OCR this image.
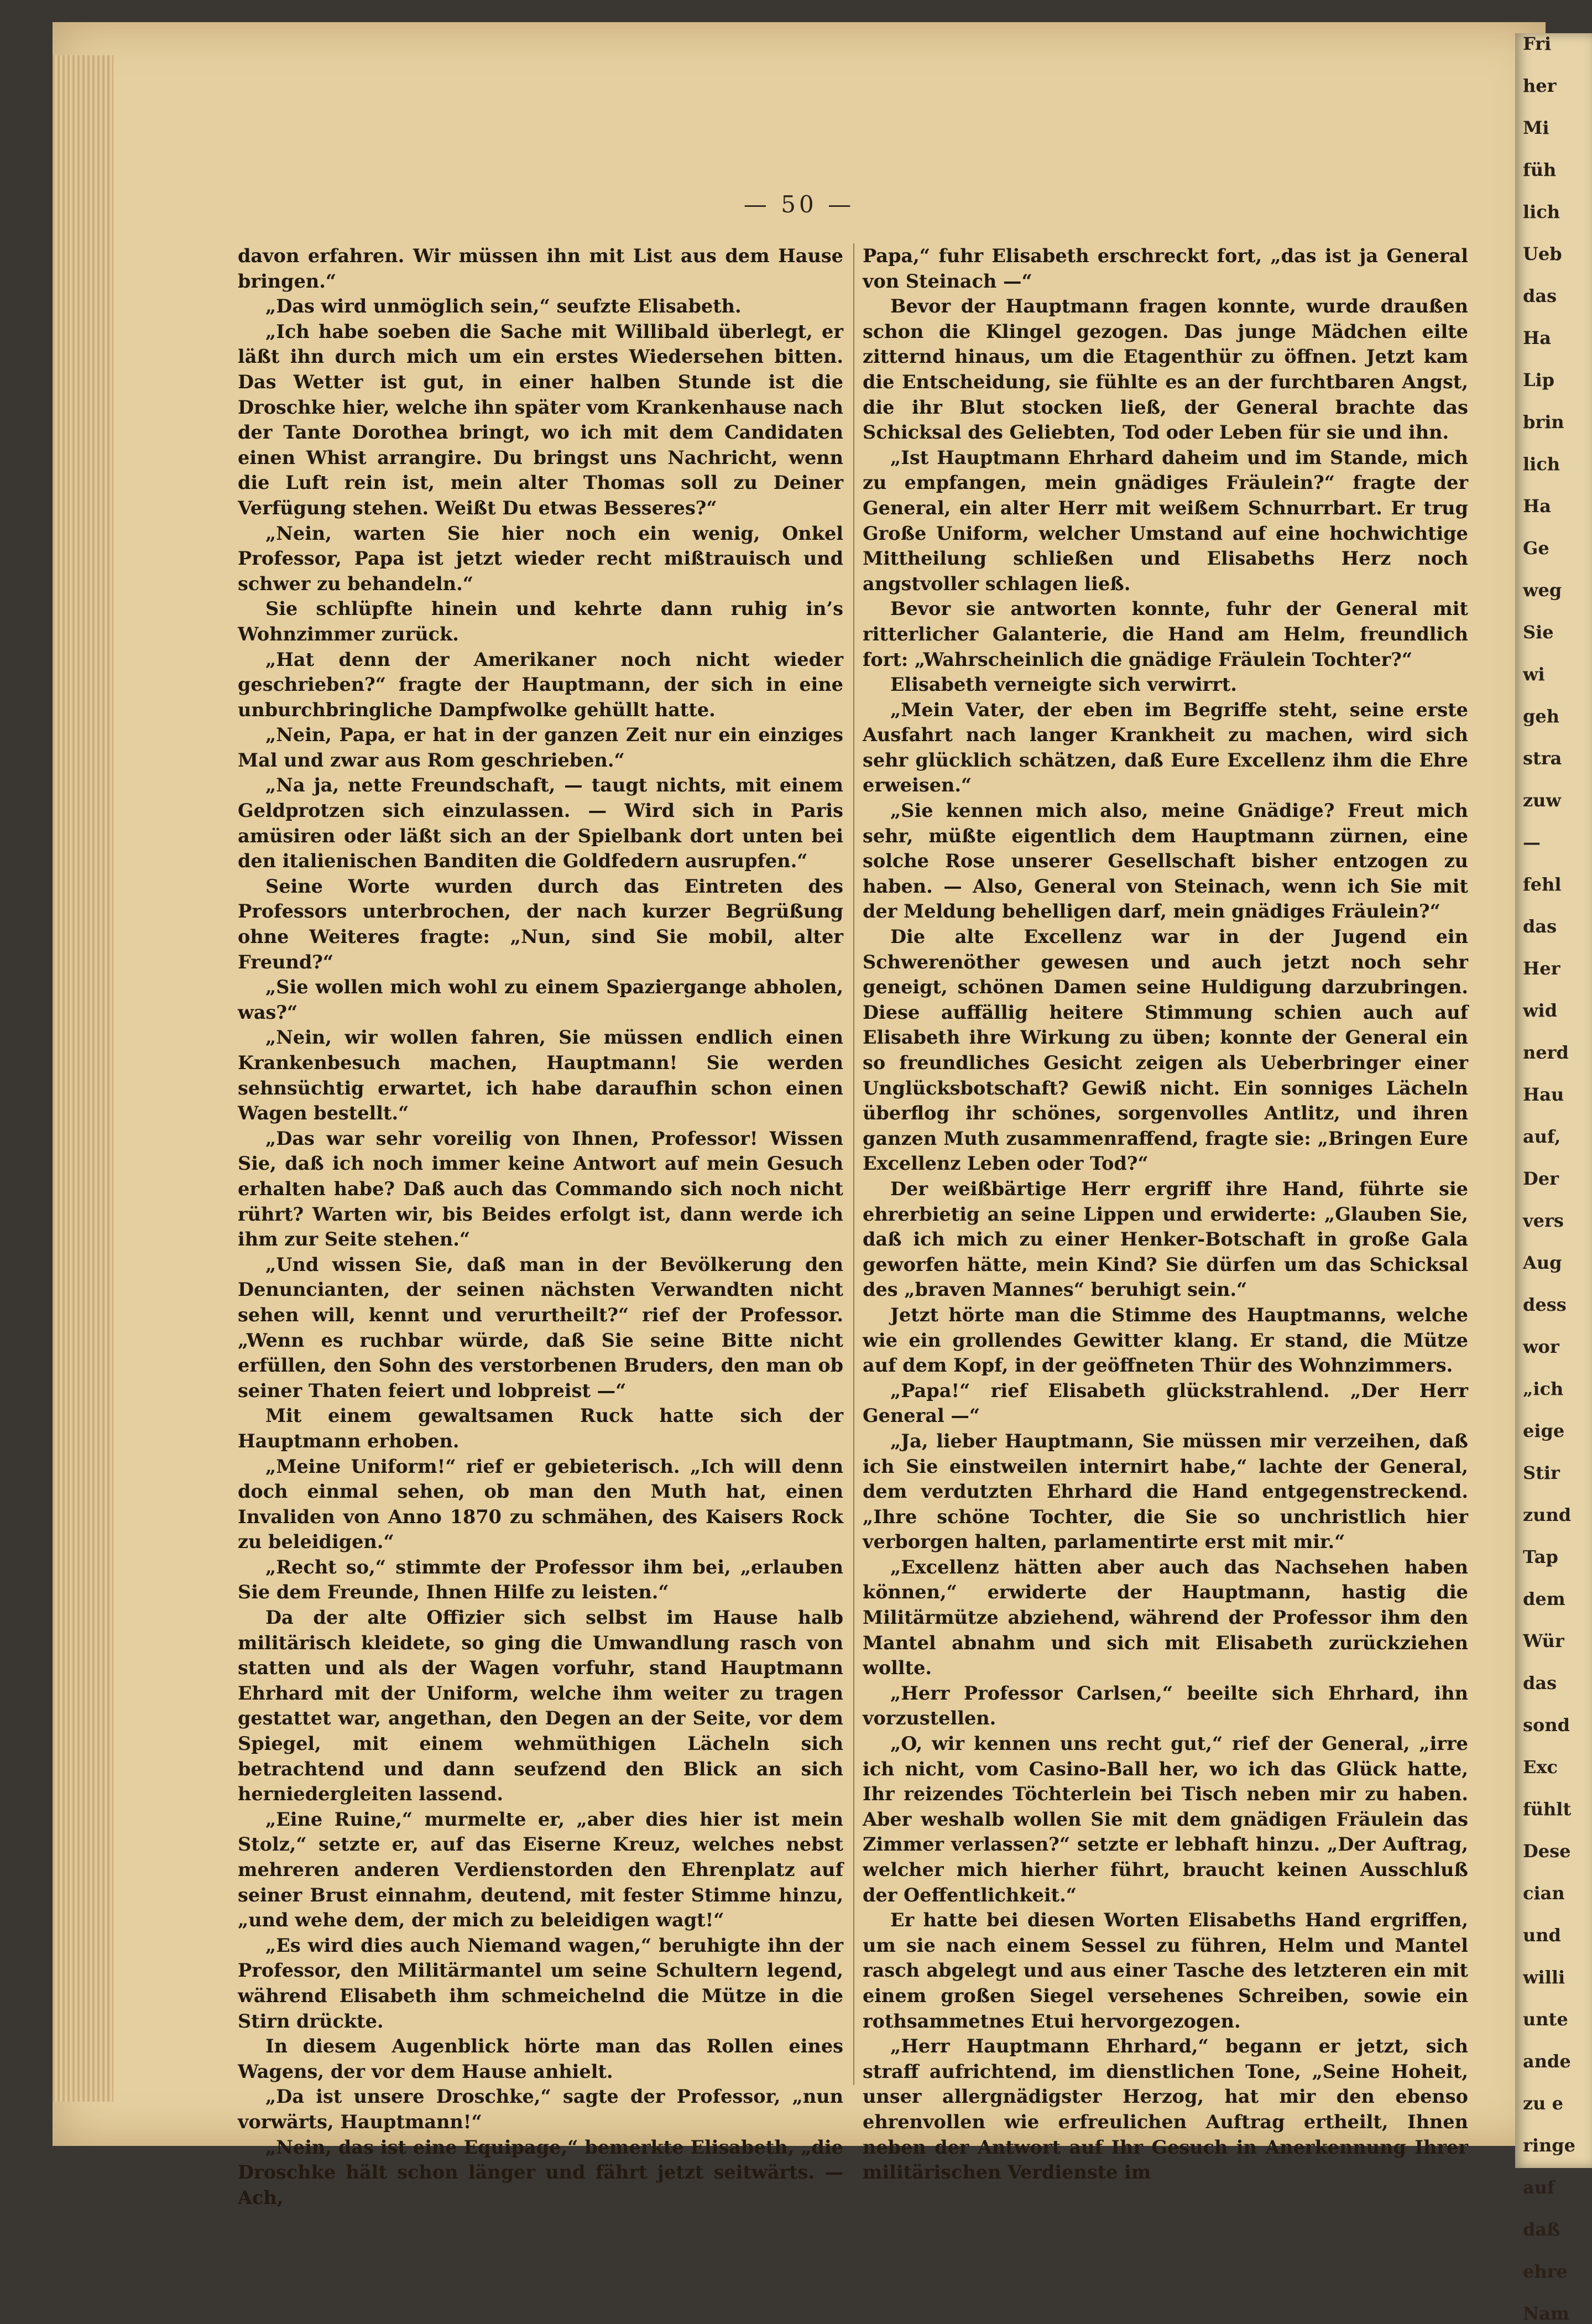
— 50 —

davon erfahren. Wir müssen ihn mit List aus dem Hause bringen.“

„Das wird unmöglich sein,“ seufzte Elisabeth.

„Ich habe soeben die Sache mit Willibald überlegt, er läßt ihn durch mich um ein erstes Wiedersehen bitten. Das Wetter ist gut, in einer halben Stunde ist die Droschke hier, welche ihn später vom Krankenhause nach der Tante Dorothea bringt, wo ich mit dem Candidaten einen Whist arrangire. Du bringst uns Nachricht, wenn die Luft rein ist, mein alter Thomas soll zu Deiner Verfügung stehen. Weißt Du etwas Besseres?“

„Nein, warten Sie hier noch ein wenig, Onkel Professor, Papa ist jetzt wieder recht mißtrauisch und schwer zu behandeln.“

Sie schlüpfte hinein und kehrte dann ruhig in’s Wohnzimmer zurück.

„Hat denn der Amerikaner noch nicht wieder geschrieben?“ fragte der Hauptmann, der sich in eine unburchbringliche Dampfwolke gehüllt hatte.

„Nein, Papa, er hat in der ganzen Zeit nur ein einziges Mal und zwar aus Rom geschrieben.“

„Na ja, nette Freundschaft, — taugt nichts, mit einem Geldprotzen sich einzulassen. — Wird sich in Paris amüsiren oder läßt sich an der Spielbank dort unten bei den italienischen Banditen die Goldfedern ausrupfen.“

Seine Worte wurden durch das Eintreten des Professors unterbrochen, der nach kurzer Begrüßung ohne Weiteres fragte: „Nun, sind Sie mobil, alter Freund?“

„Sie wollen mich wohl zu einem Spaziergange abholen, was?“

„Nein, wir wollen fahren, Sie müssen endlich einen Krankenbesuch machen, Hauptmann! Sie werden sehnsüchtig erwartet, ich habe daraufhin schon einen Wagen bestellt.“

„Das war sehr voreilig von Ihnen, Professor! Wissen Sie, daß ich noch immer keine Antwort auf mein Gesuch erhalten habe? Daß auch das Commando sich noch nicht rührt? Warten wir, bis Beides erfolgt ist, dann werde ich ihm zur Seite stehen.“

„Und wissen Sie, daß man in der Bevölkerung den Denuncianten, der seinen nächsten Verwandten nicht sehen will, kennt und verurtheilt?“ rief der Professor. „Wenn es ruchbar würde, daß Sie seine Bitte nicht erfüllen, den Sohn des verstorbenen Bruders, den man ob seiner Thaten feiert und lobpreist —“

Mit einem gewaltsamen Ruck hatte sich der Hauptmann erhoben.

„Meine Uniform!“ rief er gebieterisch. „Ich will denn doch einmal sehen, ob man den Muth hat, einen Invaliden von Anno 1870 zu schmähen, des Kaisers Rock zu beleidigen.“

„Recht so,“ stimmte der Professor ihm bei, „erlauben Sie dem Freunde, Ihnen Hilfe zu leisten.“

Da der alte Offizier sich selbst im Hause halb militärisch kleidete, so ging die Umwandlung rasch von statten und als der Wagen vorfuhr, stand Hauptmann Ehrhard mit der Uniform, welche ihm weiter zu tragen gestattet war, angethan, den Degen an der Seite, vor dem Spiegel, mit einem wehmüthigen Lächeln sich betrachtend und dann seufzend den Blick an sich herniedergleiten lassend.

„Eine Ruine,“ murmelte er, „aber dies hier ist mein Stolz,“ setzte er, auf das Eiserne Kreuz, welches nebst mehreren anderen Verdienstorden den Ehrenplatz auf seiner Brust einnahm, deutend, mit fester Stimme hinzu, „und wehe dem, der mich zu beleidigen wagt!“

„Es wird dies auch Niemand wagen,“ beruhigte ihn der Professor, den Militärmantel um seine Schultern legend, während Elisabeth ihm schmeichelnd die Mütze in die Stirn drückte.

In diesem Augenblick hörte man das Rollen eines Wagens, der vor dem Hause anhielt.

„Da ist unsere Droschke,“ sagte der Professor, „nun vorwärts, Hauptmann!“

„Nein, das ist eine Equipage,“ bemerkte Elisabeth, „die Droschke hält schon länger und fährt jetzt seitwärts. — Ach,

Papa,“ fuhr Elisabeth erschreckt fort, „das ist ja General von Steinach —“

Bevor der Hauptmann fragen konnte, wurde draußen schon die Klingel gezogen. Das junge Mädchen eilte zitternd hinaus, um die Etagenthür zu öffnen. Jetzt kam die Entscheidung, sie fühlte es an der furchtbaren Angst, die ihr Blut stocken ließ, der General brachte das Schicksal des Geliebten, Tod oder Leben für sie und ihn.

„Ist Hauptmann Ehrhard daheim und im Stande, mich zu empfangen, mein gnädiges Fräulein?“ fragte der General, ein alter Herr mit weißem Schnurrbart. Er trug Große Uniform, welcher Umstand auf eine hochwichtige Mittheilung schließen und Elisabeths Herz noch angstvoller schlagen ließ.

Bevor sie antworten konnte, fuhr der General mit ritterlicher Galanterie, die Hand am Helm, freundlich fort: „Wahrscheinlich die gnädige Fräulein Tochter?“

Elisabeth verneigte sich verwirrt.

„Mein Vater, der eben im Begriffe steht, seine erste Ausfahrt nach langer Krankheit zu machen, wird sich sehr glücklich schätzen, daß Eure Excellenz ihm die Ehre erweisen.“

„Sie kennen mich also, meine Gnädige? Freut mich sehr, müßte eigentlich dem Hauptmann zürnen, eine solche Rose unserer Gesellschaft bisher entzogen zu haben. — Also, General von Steinach, wenn ich Sie mit der Meldung behelligen darf, mein gnädiges Fräulein?“

Die alte Excellenz war in der Jugend ein Schwerenöther gewesen und auch jetzt noch sehr geneigt, schönen Damen seine Huldigung darzubringen. Diese auffällig heitere Stimmung schien auch auf Elisabeth ihre Wirkung zu üben; konnte der General ein so freundliches Gesicht zeigen als Ueberbringer einer Unglücksbotschaft? Gewiß nicht. Ein sonniges Lächeln überflog ihr schönes, sorgenvolles Antlitz, und ihren ganzen Muth zusammenraffend, fragte sie: „Bringen Eure Excellenz Leben oder Tod?“

Der weißbärtige Herr ergriff ihre Hand, führte sie ehrerbietig an seine Lippen und erwiderte: „Glauben Sie, daß ich mich zu einer Henker-Botschaft in große Gala geworfen hätte, mein Kind? Sie dürfen um das Schicksal des „braven Mannes“ beruhigt sein.“

Jetzt hörte man die Stimme des Hauptmanns, welche wie ein grollendes Gewitter klang. Er stand, die Mütze auf dem Kopf, in der geöffneten Thür des Wohnzimmers.

„Papa!“ rief Elisabeth glückstrahlend. „Der Herr General —“

„Ja, lieber Hauptmann, Sie müssen mir verzeihen, daß ich Sie einstweilen internirt habe,“ lachte der General, dem verdutzten Ehrhard die Hand entgegenstreckend. „Ihre schöne Tochter, die Sie so unchristlich hier verborgen halten, parlamentirte erst mit mir.“

„Excellenz hätten aber auch das Nachsehen haben können,“ erwiderte der Hauptmann, hastig die Militärmütze abziehend, während der Professor ihm den Mantel abnahm und sich mit Elisabeth zurückziehen wollte.

„Herr Professor Carlsen,“ beeilte sich Ehrhard, ihn vorzustellen.

„O, wir kennen uns recht gut,“ rief der General, „irre ich nicht, vom Casino-Ball her, wo ich das Glück hatte, Ihr reizendes Töchterlein bei Tisch neben mir zu haben. Aber weshalb wollen Sie mit dem gnädigen Fräulein das Zimmer verlassen?“ setzte er lebhaft hinzu. „Der Auftrag, welcher mich hierher führt, braucht keinen Ausschluß der Oeffentlichkeit.“

Er hatte bei diesen Worten Elisabeths Hand ergriffen, um sie nach einem Sessel zu führen, Helm und Mantel rasch abgelegt und aus einer Tasche des letzteren ein mit einem großen Siegel versehenes Schreiben, sowie ein rothsammetnes Etui hervorgezogen.

„Herr Hauptmann Ehrhard,“ begann er jetzt, sich straff aufrichtend, im dienstlichen Tone, „Seine Hoheit, unser allergnädigster Herzog, hat mir den ebenso ehrenvollen wie erfreulichen Auftrag ertheilt, Ihnen neben der Antwort auf Ihr Gesuch in Anerkennung Ihrer militärischen Verdienste im

Fri
her
Mi
füh
lich
Ueb
das
Ha
Lip
brin
lich
Ha
Ge
weg
Sie
wi
geh
stra
zuw
—
fehl
das
Her
wid
nerd
Hau
auf,
Der
vers
Aug
dess
wor
„ich
eige
Stir
zund
Tap
dem
Wür
das
sond
Exc
fühlt
Dese
cian
und
willi
unte
ande
zu e
ringe
auf
daß
ehre
Nam
